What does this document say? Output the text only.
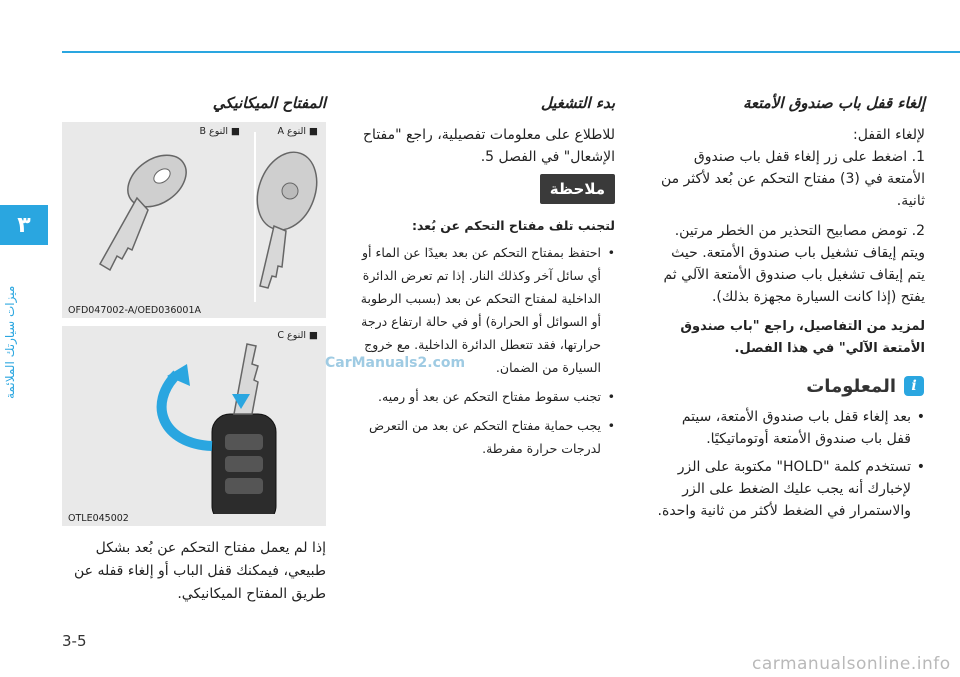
٣
ميزات سيارتك الملائمة
إلغاء قفل باب صندوق الأمتعة

لإلغاء القفل:

1. اضغط على زر إلغاء قفل باب صندوق الأمتعة في (3) مفتاح التحكم عن بُعد لأكثر من ثانية.
2. تومض مصابيح التحذير من الخطر مرتين. ويتم إيقاف تشغيل باب صندوق الأمتعة. حيث يتم إيقاف تشغيل باب صندوق الأمتعة الآلي ثم يفتح (إذا كانت السيارة مجهزة بذلك).

لمزيد من التفاصيل، راجع "باب صندوق الأمتعة الآلي" في هذا الفصل.

i
المعلومات
• بعد إلغاء قفل باب صندوق الأمتعة، سيتم قفل باب صندوق الأمتعة أوتوماتيكيًا.
• تستخدم كلمة "HOLD" مكتوبة على الزر لإخبارك أنه يجب عليك الضغط على الزر والاستمرار في الضغط لأكثر من ثانية واحدة.
بدء التشغيل

للاطلاع على معلومات تفصيلية، راجع "مفتاح الإشعال" في الفصل 5.

ملاحظة
لتجنب تلف مفتاح التحكم عن بُعد:
• احتفظ بمفتاح التحكم عن بعد بعيدًا عن الماء أو أي سائل آخر وكذلك النار. إذا تم تعرض الدائرة الداخلية لمفتاح التحكم عن بعد (بسبب الرطوبة أو السوائل أو الحرارة) أو في حالة ارتفاع درجة حرارتها، فقد تتعطل الدائرة الداخلية. مع خروج السيارة من الضمان.
• تجنب سقوط مفتاح التحكم عن بعد أو رميه.
• يجب حماية مفتاح التحكم عن بعد من التعرض لدرجات حرارة مفرطة.
المفتاح الميكانيكي
■ النوع A
■ النوع B
OFD047002-A/OED036001A
■ النوع C
OTLE045002
إذا لم يعمل مفتاح التحكم عن بُعد بشكل طبيعي، فيمكنك قفل الباب أو إلغاء قفله عن طريق المفتاح الميكانيكي.
CarManuals2.com
3-5
carmanualsonline.info
